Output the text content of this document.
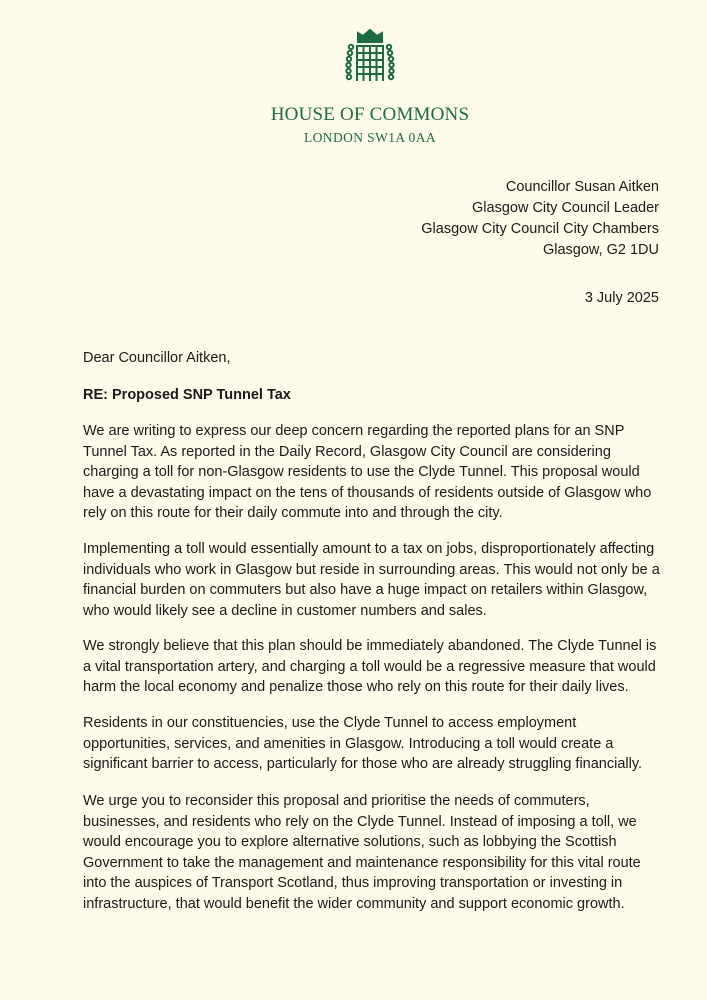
HOUSE OF COMMONS
LONDON SW1A 0AA
Councillor Susan Aitken
Glasgow City Council Leader
Glasgow City Council City Chambers
Glasgow, G2 1DU
3 July 2025
Dear Councillor Aitken,
RE: Proposed SNP Tunnel Tax

We are writing to express our deep concern regarding the reported plans for an SNP Tunnel Tax. As reported in the Daily Record, Glasgow City Council are considering charging a toll for non-Glasgow residents to use the Clyde Tunnel. This proposal would have a devastating impact on the tens of thousands of residents outside of Glasgow who rely on this route for their daily commute into and through the city.

Implementing a toll would essentially amount to a tax on jobs, disproportionately affecting individuals who work in Glasgow but reside in surrounding areas. This would not only be a financial burden on commuters but also have a huge impact on retailers within Glasgow, who would likely see a decline in customer numbers and sales.

We strongly believe that this plan should be immediately abandoned. The Clyde Tunnel is a vital transportation artery, and charging a toll would be a regressive measure that would harm the local economy and penalize those who rely on this route for their daily lives.

Residents in our constituencies, use the Clyde Tunnel to access employment opportunities, services, and amenities in Glasgow. Introducing a toll would create a significant barrier to access, particularly for those who are already struggling financially.

We urge you to reconsider this proposal and prioritise the needs of commuters, businesses, and residents who rely on the Clyde Tunnel. Instead of imposing a toll, we would encourage you to explore alternative solutions, such as lobbying the Scottish Government to take the management and maintenance responsibility for this vital route into the auspices of Transport Scotland, thus improving transportation or investing in infrastructure, that would benefit the wider community and support economic growth.
